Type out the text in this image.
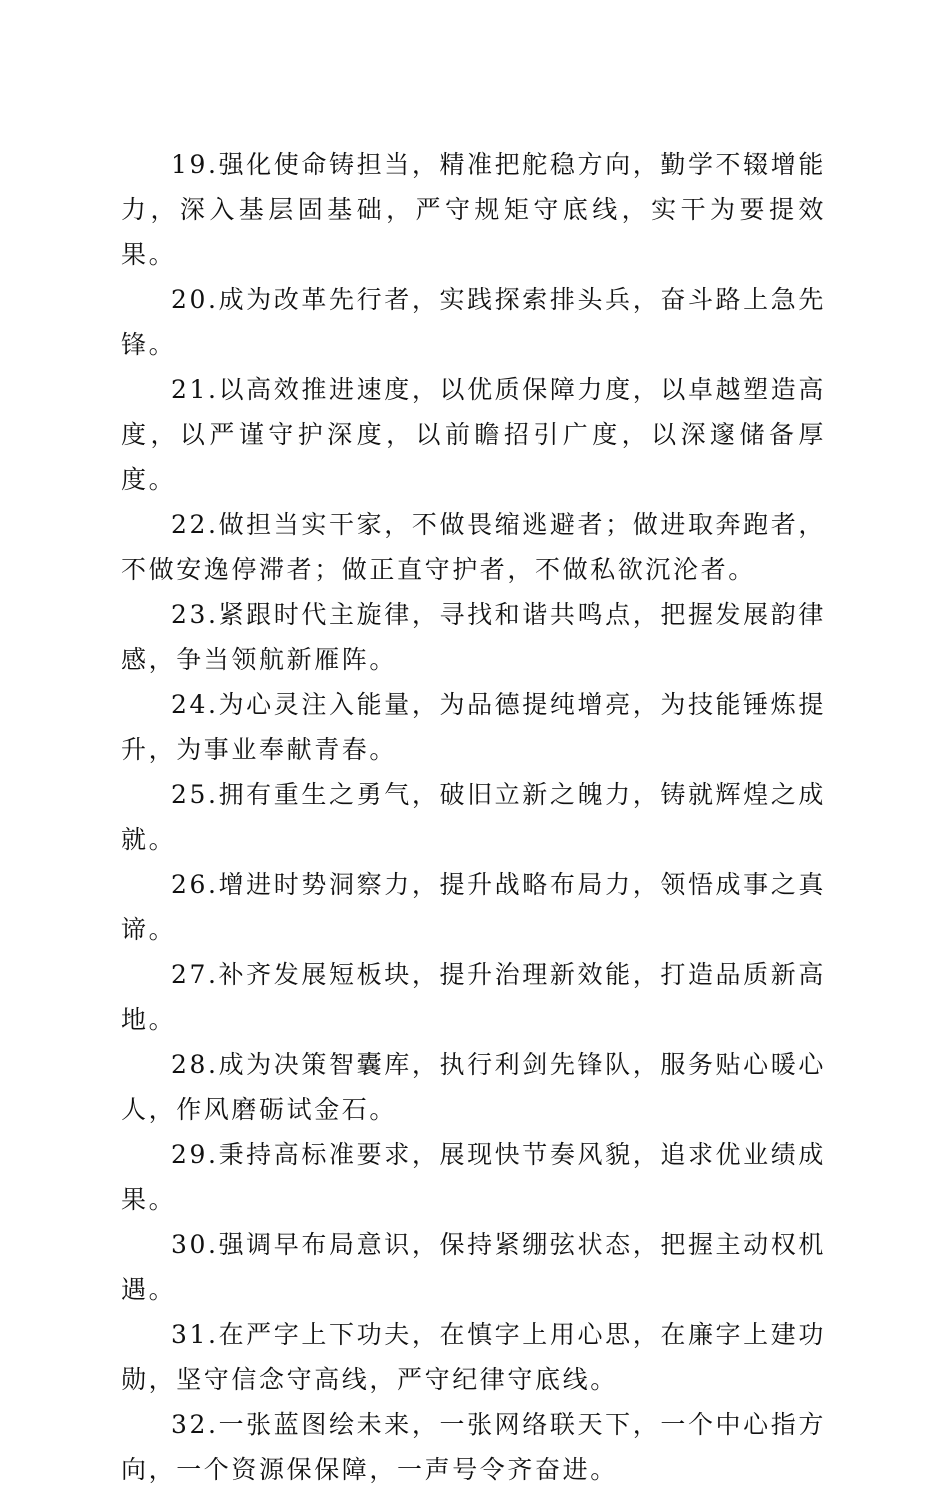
19.强化使命铸担当，精准把舵稳方向，勤学不辍增能力，深入基层固基础，严守规矩守底线，实干为要提效果。

20.成为改革先行者，实践探索排头兵，奋斗路上急先锋。

21.以高效推进速度，以优质保障力度，以卓越塑造高度，以严谨守护深度，以前瞻招引广度，以深邃储备厚度。

22.做担当实干家，不做畏缩逃避者；做进取奔跑者，不做安逸停滞者；做正直守护者，不做私欲沉沦者。

23.紧跟时代主旋律，寻找和谐共鸣点，把握发展韵律感，争当领航新雁阵。

24.为心灵注入能量，为品德提纯增亮，为技能锤炼提升，为事业奉献青春。

25.拥有重生之勇气，破旧立新之魄力，铸就辉煌之成就。

26.增进时势洞察力，提升战略布局力，领悟成事之真谛。

27.补齐发展短板块，提升治理新效能，打造品质新高地。

28.成为决策智囊库，执行利剑先锋队，服务贴心暖心人，作风磨砺试金石。

29.秉持高标准要求，展现快节奏风貌，追求优业绩成果。

30.强调早布局意识，保持紧绷弦状态，把握主动权机遇。

31.在严字上下功夫，在慎字上用心思，在廉字上建功勋，坚守信念守高线，严守纪律守底线。

32.一张蓝图绘未来，一张网络联天下，一个中心指方向，一个资源保保障，一声号令齐奋进。
